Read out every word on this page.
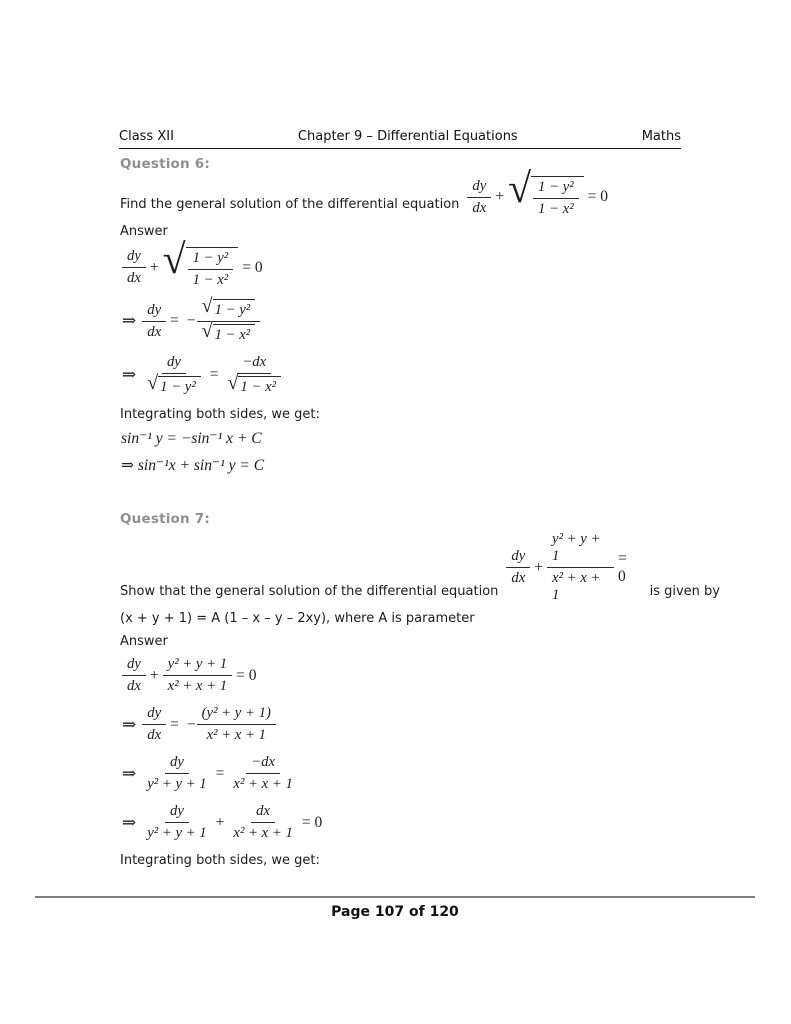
Class XII	Chapter 9 – Differential Equations	Maths
Question 6:
Find the general solution of the differential equation $\frac{dy}{dx}$ + √ $\frac{\text{1 − y²}}{\text{1 − x²}} = 0$
Answer
$\frac{dy}{dx}$ + √ $\frac{\text{1 − y²}}{\text{1 − x²}} = 0$
⇒ $\frac{dy}{dx}$ = − $\frac{\text{√ 1 − y²}}{\text{√ 1 − x²}}$
⇒ $\frac{dy}{\text{√ 1 − y²}} = \frac{-dx}{\text{√ 1 − x²}}$
Integrating both sides, we get:
sin⁻¹ y = −sin⁻¹ x + C
⇒ sin⁻¹x + sin⁻¹ y = C
Question 7:
Show that the general solution of the differential equation
$\frac{dy}{dx} + \frac{\text{y² + y + 1}}{\text{x² + x + 1}} = 0$
is given by
(x + y + 1) = A (1 – x – y – 2xy), where A is parameter
Answer
$\frac{dy}{dx} + \frac{\text{y² + y + 1}}{\text{x² + x + 1}} = 0$
⇒ $\frac{dy}{dx}$ = − $\frac{\text{(y² + y + 1)}}{\text{x² + x + 1}}$
⇒ $\frac{dy}{\text{y² + y + 1}} = \frac{-dx}{\text{x² + x + 1}}$
⇒ $\frac{dy}{\text{y² + y + 1}} + \frac{dx}{\text{x² + x + 1}} = 0$
Integrating both sides, we get:
Page 107 of 120
